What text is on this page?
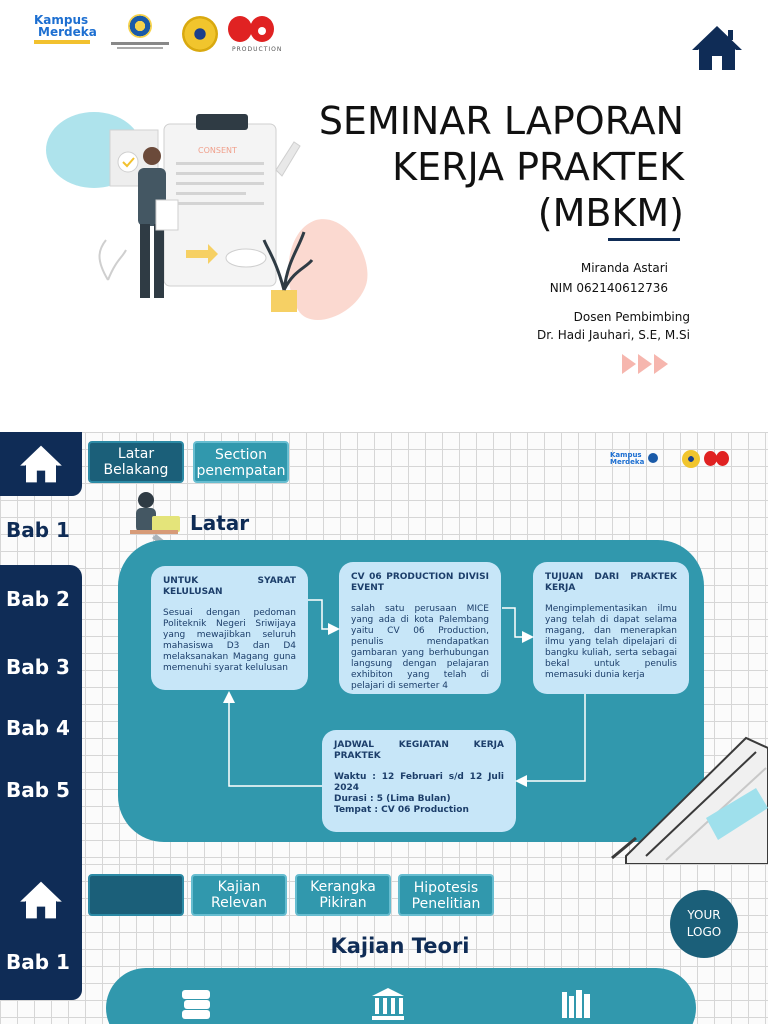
Kampus
Merdeka
PRODUCTION
CONSENT
SEMINAR LAPORAN
KERJA PRAKTEK
(MBKM)
Miranda Astari
NIM 062140612736
Dosen Pembimbing
Dr. Hadi Jauhari, S.E, M.Si
Bab 1
Bab 2
Bab 3
Bab 4
Bab 5
Latar Belakang
Section penempatan
Kampus
Merdeka
Latar
UNTUK SYARAT KELULUSAN
Sesuai dengan pedoman Politeknik Negeri Sriwijaya yang mewajibkan seluruh mahasiswa D3 dan D4 melaksanakan Magang guna memenuhi syarat kelulusan
CV 06 PRODUCTION DIVISI EVENT
salah satu perusaan MICE yang ada di kota Palembang yaitu CV 06 Production, penulis mendapatkan gambaran yang berhubungan langsung dengan pelajaran exhibiton yang telah di pelajari di semerter 4
TUJUAN DARI PRAKTEK KERJA
Mengimplementasikan ilmu yang telah di dapat selama magang, dan menerapkan ilmu yang telah dipelajari di bangku kuliah, serta sebagai bekal untuk penulis memasuki dunia kerja
JADWAL KEGIATAN KERJA PRAKTEK

Waktu : 12 Februari s/d 12 Juli 2024

Durasi : 5 (Lima Bulan)

Tempat : CV 06 Production

Bab 1
Kajian Relevan
Kerangka Pikiran
Hipotesis Penelitian
YOUR LOGO
Kajian Teori
